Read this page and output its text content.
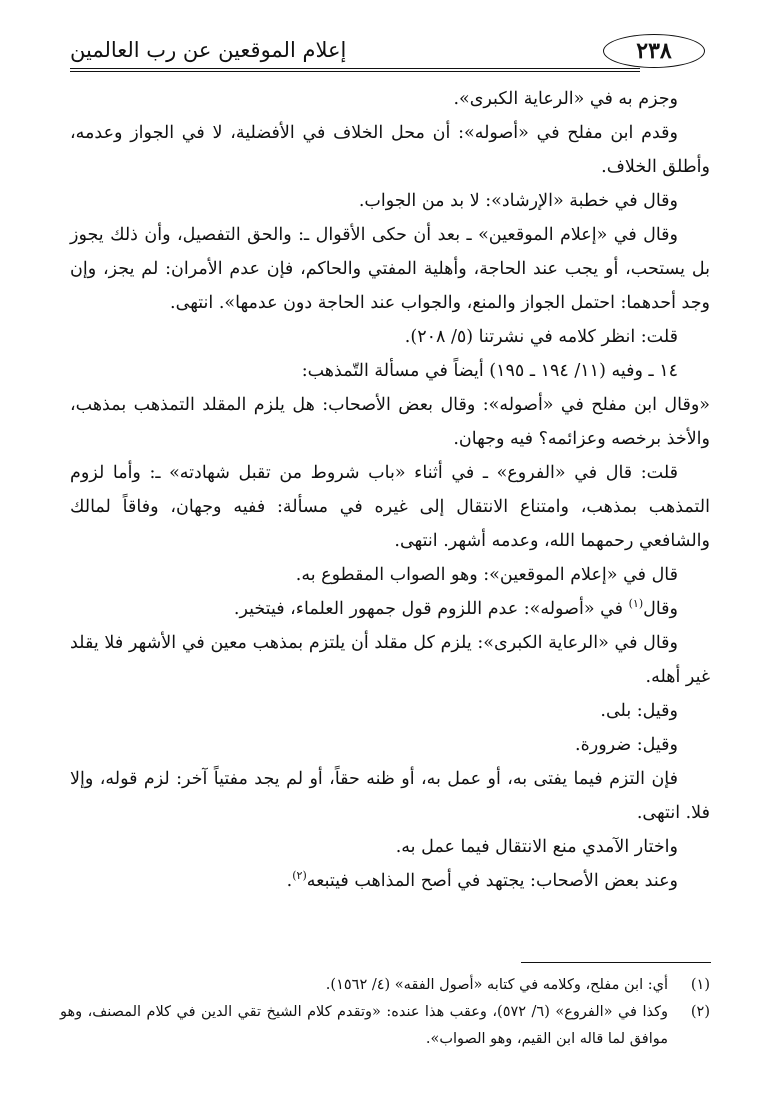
إعلام الموقعين عن رب العالمين	٢٣٨

وجزم به في «الرعاية الكبرى».

وقدم ابن مفلح في «أصوله»: أن محل الخلاف في الأفضلية، لا في الجواز وعدمه، وأطلق الخلاف.

وقال في خطبة «الإرشاد»: لا بد من الجواب.

وقال في «إعلام الموقعين» ـ بعد أن حكى الأقوال ـ: والحق التفصيل، وأن ذلك يجوز بل يستحب، أو يجب عند الحاجة، وأهلية المفتي والحاكم، فإن عدم الأمران: لم يجز، وإن وجد أحدهما: احتمل الجواز والمنع، والجواب عند الحاجة دون عدمها». انتهى.

قلت: انظر كلامه في نشرتنا (٥/ ٢٠٨).

١٤ ـ وفيه (١١/ ١٩٤ ـ ١٩٥) أيضاً في مسألة التّمذهب:

«وقال ابن مفلح في «أصوله»: وقال بعض الأصحاب: هل يلزم المقلد التمذهب بمذهب، والأخذ برخصه وعزائمه؟ فيه وجهان.

قلت: قال في «الفروع» ـ في أثناء «باب شروط من تقبل شهادته» ـ: وأما لزوم التمذهب بمذهب، وامتناع الانتقال إلى غيره في مسألة: ففيه وجهان، وفاقاً لمالك والشافعي رحمهما الله، وعدمه أشهر. انتهى.

قال في «إعلام الموقعين»: وهو الصواب المقطوع به.

وقال$^{(١)}$ في «أصوله»: عدم اللزوم قول جمهور العلماء، فيتخير.

وقال في «الرعاية الكبرى»: يلزم كل مقلد أن يلتزم بمذهب معين في الأشهر فلا يقلد غير أهله.

وقيل: بلى.

وقيل: ضرورة.

فإن التزم فيما يفتى به، أو عمل به، أو ظنه حقاً، أو لم يجد مفتياً آخر: لزم قوله، وإلا فلا. انتهى.

واختار الآمدي منع الانتقال فيما عمل به.

وعند بعض الأصحاب: يجتهد في أصح المذاهب فيتبعه$^{(٢)}$.

(١)
أي: ابن مفلح، وكلامه في كتابه «أصول الفقه» (٤/ ١٥٦٢).

(٢)
وكذا في «الفروع» (٦/ ٥٧٢)، وعقب هذا عنده: «وتقدم كلام الشيخ تقي الدين في كلام المصنف، وهو موافق لما قاله ابن القيم، وهو الصواب».
